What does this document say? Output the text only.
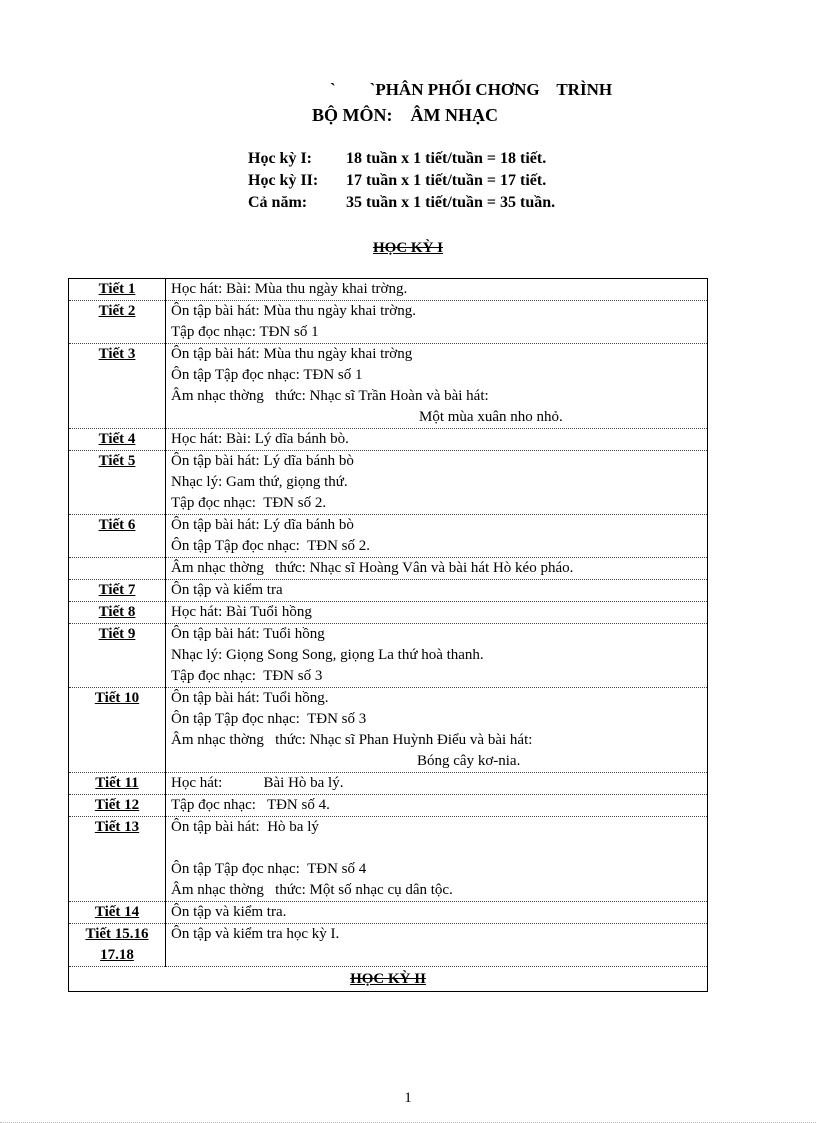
`        `PHÂN PHỐI CHƠNG    TRÌNH
BỘ MÔN: ÂM NHẠC
Học kỳ I: 18 tuần x 1 tiết/tuần = 18 tiết.
Học kỳ II: 17 tuần x 1 tiết/tuần = 17 tiết.
Cả năm: 35 tuần x 1 tiết/tuần = 35 tuần.
HỌC KỲ I
Tiết 1	Học hát: Bài: Mùa thu ngày khai trờng.

Tiết 2	Ôn tập bài hát: Mùa thu ngày khai trờng.
Tập đọc nhạc: TĐN số 1

Tiết 3	Ôn tập bài hát: Mùa thu ngày khai trờng
Ôn tập Tập đọc nhạc: TĐN số 1
Âm nhạc thờng   thức: Nhạc sĩ Trần Hoàn và bài hát:
Một mùa xuân nho nhỏ.

Tiết 4	Học hát: Bài: Lý dĩa bánh bò.

Tiết 5	Ôn tập bài hát: Lý dĩa bánh bò
Nhạc lý: Gam thứ, giọng thứ.
Tập đọc nhạc:  TĐN số 2.

Tiết 6	Ôn tập bài hát: Lý dĩa bánh bò
Ôn tập Tập đọc nhạc:  TĐN số 2.

	Âm nhạc thờng   thức: Nhạc sĩ Hoàng Vân và bài hát Hò kéo pháo.

Tiết 7	Ôn tập và kiểm tra

Tiết 8	Học hát: Bài Tuổi hồng

Tiết 9	Ôn tập bài hát: Tuổi hồng
Nhạc lý: Giọng Song Song, giọng La thứ hoà thanh.
Tập đọc nhạc:  TĐN số 3

Tiết 10	Ôn tập bài hát: Tuổi hồng.
Ôn tập Tập đọc nhạc:  TĐN số 3
Âm nhạc thờng   thức: Nhạc sĩ Phan Huỳnh Điểu và bài hát:
Bóng cây kơ-nia.

Tiết 11	Học hát:           Bài Hò ba lý.

Tiết 12	Tập đọc nhạc:   TĐN số 4.

Tiết 13	Ôn tập bài hát:  Hò ba lý
Ôn tập Tập đọc nhạc:  TĐN số 4
Âm nhạc thờng   thức: Một số nhạc cụ dân tộc.

Tiết 14	Ôn tập và kiểm tra.

Tiết 15.16
17.18	Ôn tập và kiểm tra học kỳ I.

HỌC KỲ II	
1
